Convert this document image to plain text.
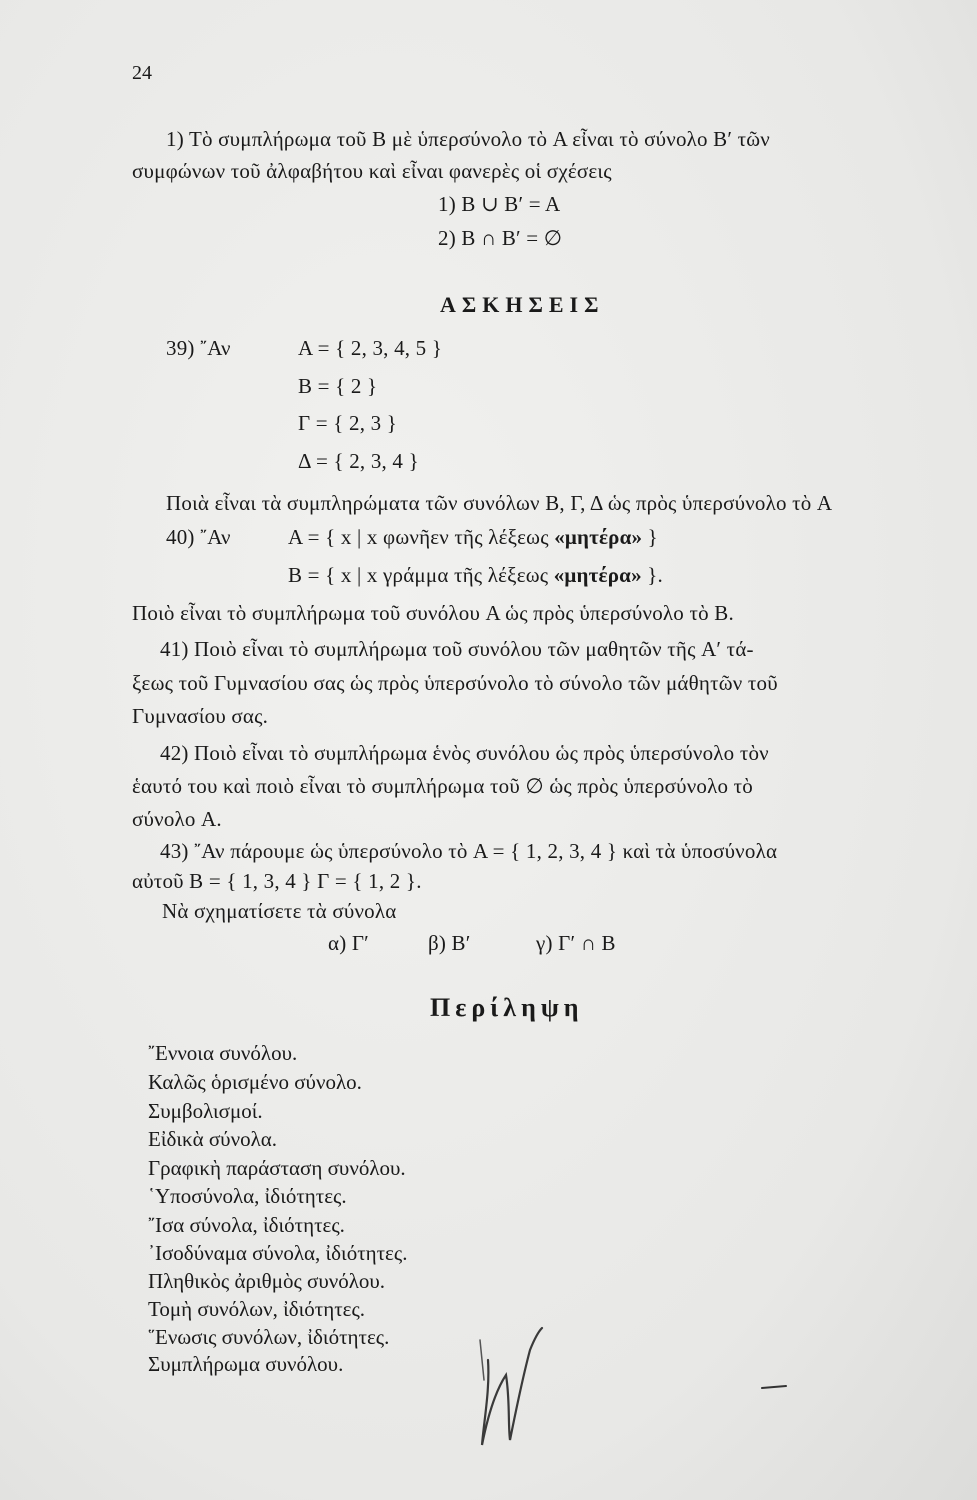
24
1) Τὸ συμπλήρωμα τοῦ B μὲ ὑπερσύνολο τὸ A εἶναι τὸ σύνολο B′ τῶν
συμφώνων τοῦ ἀλφαβήτου καὶ εἶναι φανερὲς οἱ σχέσεις
1) B ∪ B′ = A
2) B ∩ B′ = ∅
ΑΣΚΗΣΕΙΣ
39) ῎Αν	A = { 2, 3, 4, 5 }
B = { 2 }
Γ = { 2, 3 }
Δ = { 2, 3, 4 }
Ποιὰ εἶναι τὰ συμπληρώματα τῶν συνόλων B, Γ, Δ ὡς πρὸς ὑπερσύνολο τὸ A
40) ῎Αν	A = { x | x φωνῆεν τῆς λέξεως «μητέρα» }
B = { x | x γράμμα τῆς λέξεως «μητέρα» }.
Ποιὸ εἶναι τὸ συμπλήρωμα τοῦ συνόλου A ὡς πρὸς ὑπερσύνολο τὸ B.
41) Ποιὸ εἶναι τὸ συμπλήρωμα τοῦ συνόλου τῶν μαθητῶν τῆς A′ τά-
ξεως τοῦ Γυμνασίου σας ὡς πρὸς ὑπερσύνολο τὸ σύνολο τῶν μάθητῶν τοῦ
Γυμνασίου σας.
42) Ποιὸ εἶναι τὸ συμπλήρωμα ἑνὸς συνόλου ὡς πρὸς ὑπερσύνολο τὸν
ἑαυτό του καὶ ποιὸ εἶναι τὸ συμπλήρωμα τοῦ ∅ ὡς πρὸς ὑπερσύνολο τὸ
σύνολο A.
43) ῎Αν πάρουμε ὡς ὑπερσύνολο τὸ A = { 1, 2, 3, 4 } καὶ τὰ ὑποσύνολα
αὐτοῦ B = { 1, 3, 4 } Γ = { 1, 2 }.
Νὰ σχηματίσετε τὰ σύνολα
α) Γ′	β) B′	γ) Γ′ ∩ B
Περίληψη
῎Εννοια συνόλου.
Καλῶς ὁρισμένο σύνολο.
Συμβολισμοί.
Εἰδικὰ σύνολα.
Γραφικὴ παράσταση συνόλου.
῾Υποσύνολα, ἰδιότητες.
῎Ισα σύνολα, ἰδιότητες.
᾿Ισοδύναμα σύνολα, ἰδιότητες.
Πληθικὸς ἀριθμὸς συνόλου.
Τομὴ συνόλων, ἰδιότητες.
῞Ενωσις συνόλων, ἰδιότητες.
Συμπλήρωμα συνόλου.
